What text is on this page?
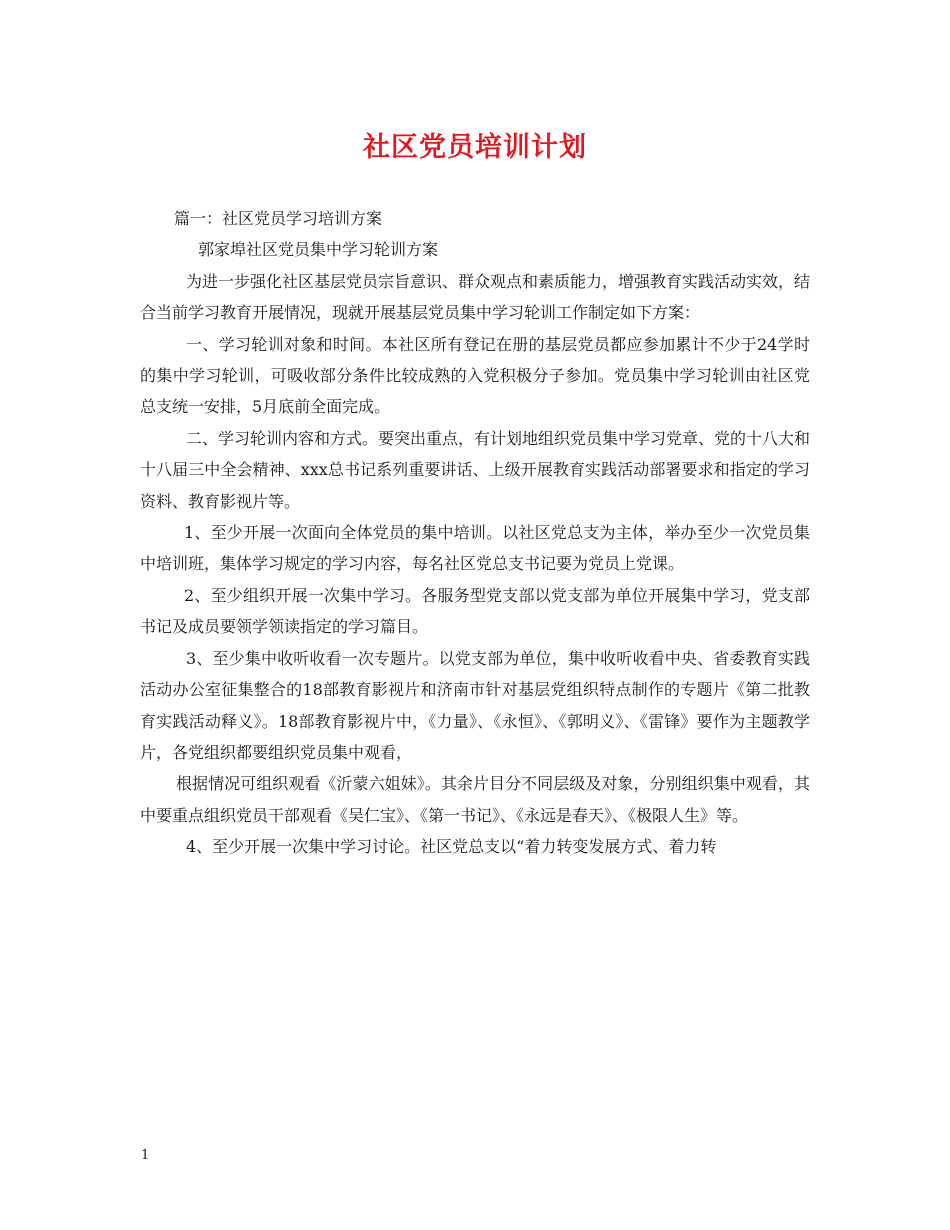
社区党员培训计划

篇一：社区党员学习培训方案

郭家埠社区党员集中学习轮训方案

为进一步强化社区基层党员宗旨意识、群众观点和素质能力，增强教育实践活动实效，结合当前学习教育开展情况，现就开展基层党员集中学习轮训工作制定如下方案：

一、学习轮训对象和时间。本社区所有登记在册的基层党员都应参加累计不少于24学时的集中学习轮训，可吸收部分条件比较成熟的入党积极分子参加。党员集中学习轮训由社区党总支统一安排，5月底前全面完成。

二、学习轮训内容和方式。要突出重点，有计划地组织党员集中学习党章、党的十八大和十八届三中全会精神、xxx总书记系列重要讲话、上级开展教育实践活动部署要求和指定的学习资料、教育影视片等。

1、至少开展一次面向全体党员的集中培训。以社区党总支为主体，举办至少一次党员集中培训班，集体学习规定的学习内容，每名社区党总支书记要为党员上党课。

2、至少组织开展一次集中学习。各服务型党支部以党支部为单位开展集中学习，党支部书记及成员要领学领读指定的学习篇目。

3、至少集中收听收看一次专题片。以党支部为单位，集中收听收看中央、省委教育实践活动办公室征集整合的18部教育影视片和济南市针对基层党组织特点制作的专题片《第二批教育实践活动释义》。18部教育影视片中，《力量》、《永恒》、《郭明义》、《雷锋》要作为主题教学片，各党组织都要组织党员集中观看，

根据情况可组织观看《沂蒙六姐妹》。其余片目分不同层级及对象，分别组织集中观看，其中要重点组织党员干部观看《吴仁宝》、《第一书记》、《永远是春天》、《极限人生》等。

4、至少开展一次集中学习讨论。社区党总支以“着力转变发展方式、着力转

1
